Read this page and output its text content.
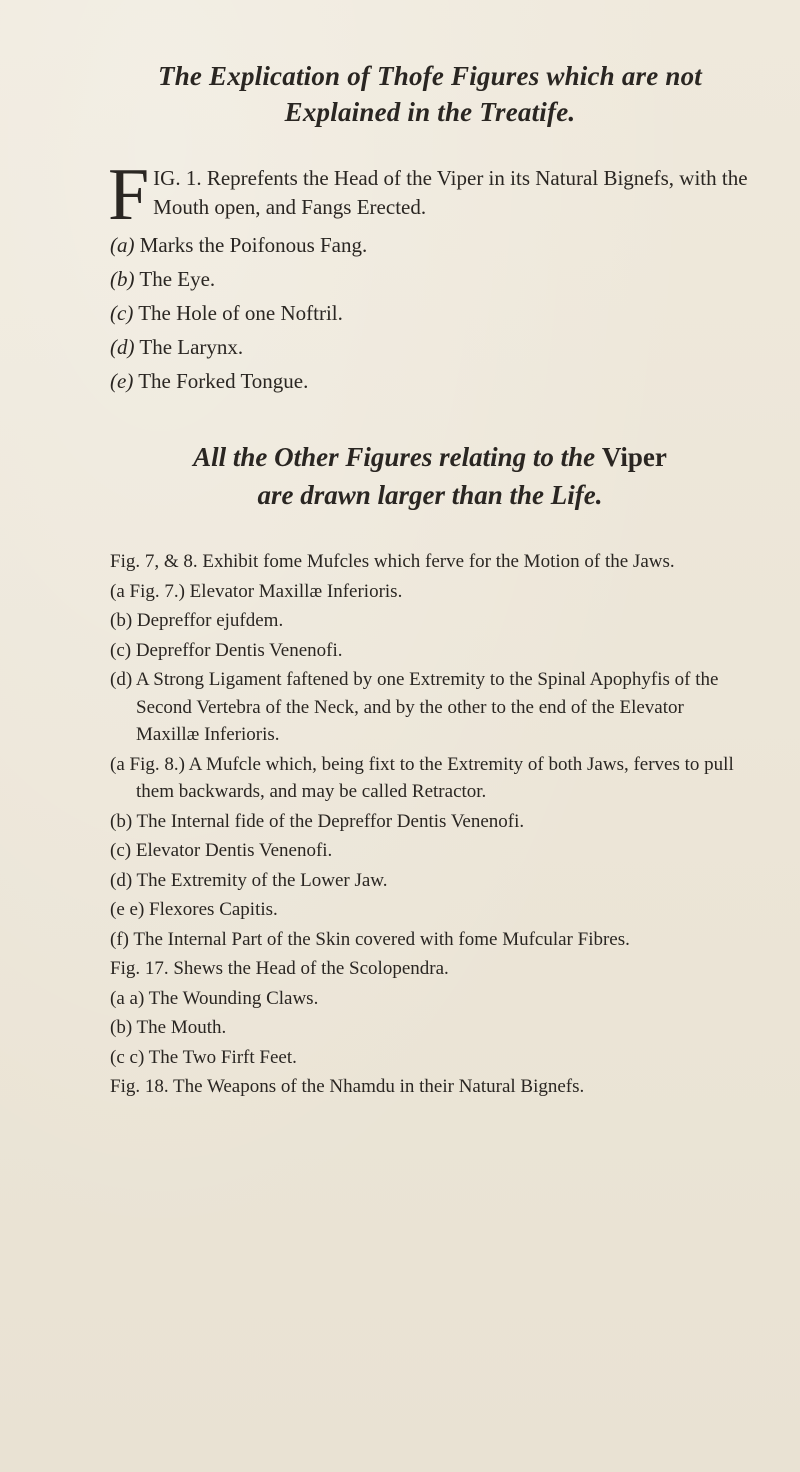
The Explication of Thofe Figures which are not
Explained in the Treatife.
F IG. 1. Reprefents the Head of the Viper in its Natural Bignefs, with the Mouth open, and Fangs Erected.

(a) Marks the Poifonous Fang.
(b) The Eye.
(c) The Hole of one Noftril.
(d) The Larynx.
(e) The Forked Tongue.
All the Other Figures relating to the Viper
are drawn larger than the Life.

Fig. 7, & 8. Exhibit fome Mufcles which ferve for the Motion of the Jaws.

(a Fig. 7.) Elevator Maxillæ Inferioris.

(b) Depreffor ejufdem.

(c) Depreffor Dentis Venenofi.

(d) A Strong Ligament faftened by one Extremity to the Spinal Apophyfis of the Second Vertebra of the Neck, and by the other to the end of the Elevator Maxillæ Inferioris.

(a Fig. 8.) A Mufcle which, being fixt to the Extremity of both Jaws, ferves to pull them backwards, and may be called Retractor.

(b) The Internal fide of the Depreffor Dentis Venenofi.

(c) Elevator Dentis Venenofi.

(d) The Extremity of the Lower Jaw.

(e e) Flexores Capitis.

(f) The Internal Part of the Skin covered with fome Mufcular Fibres.

Fig. 17. Shews the Head of the Scolopendra.

(a a) The Wounding Claws.

(b) The Mouth.

(c c) The Two Firft Feet.

Fig. 18. The Weapons of the Nhamdu in their Natural Bignefs.
